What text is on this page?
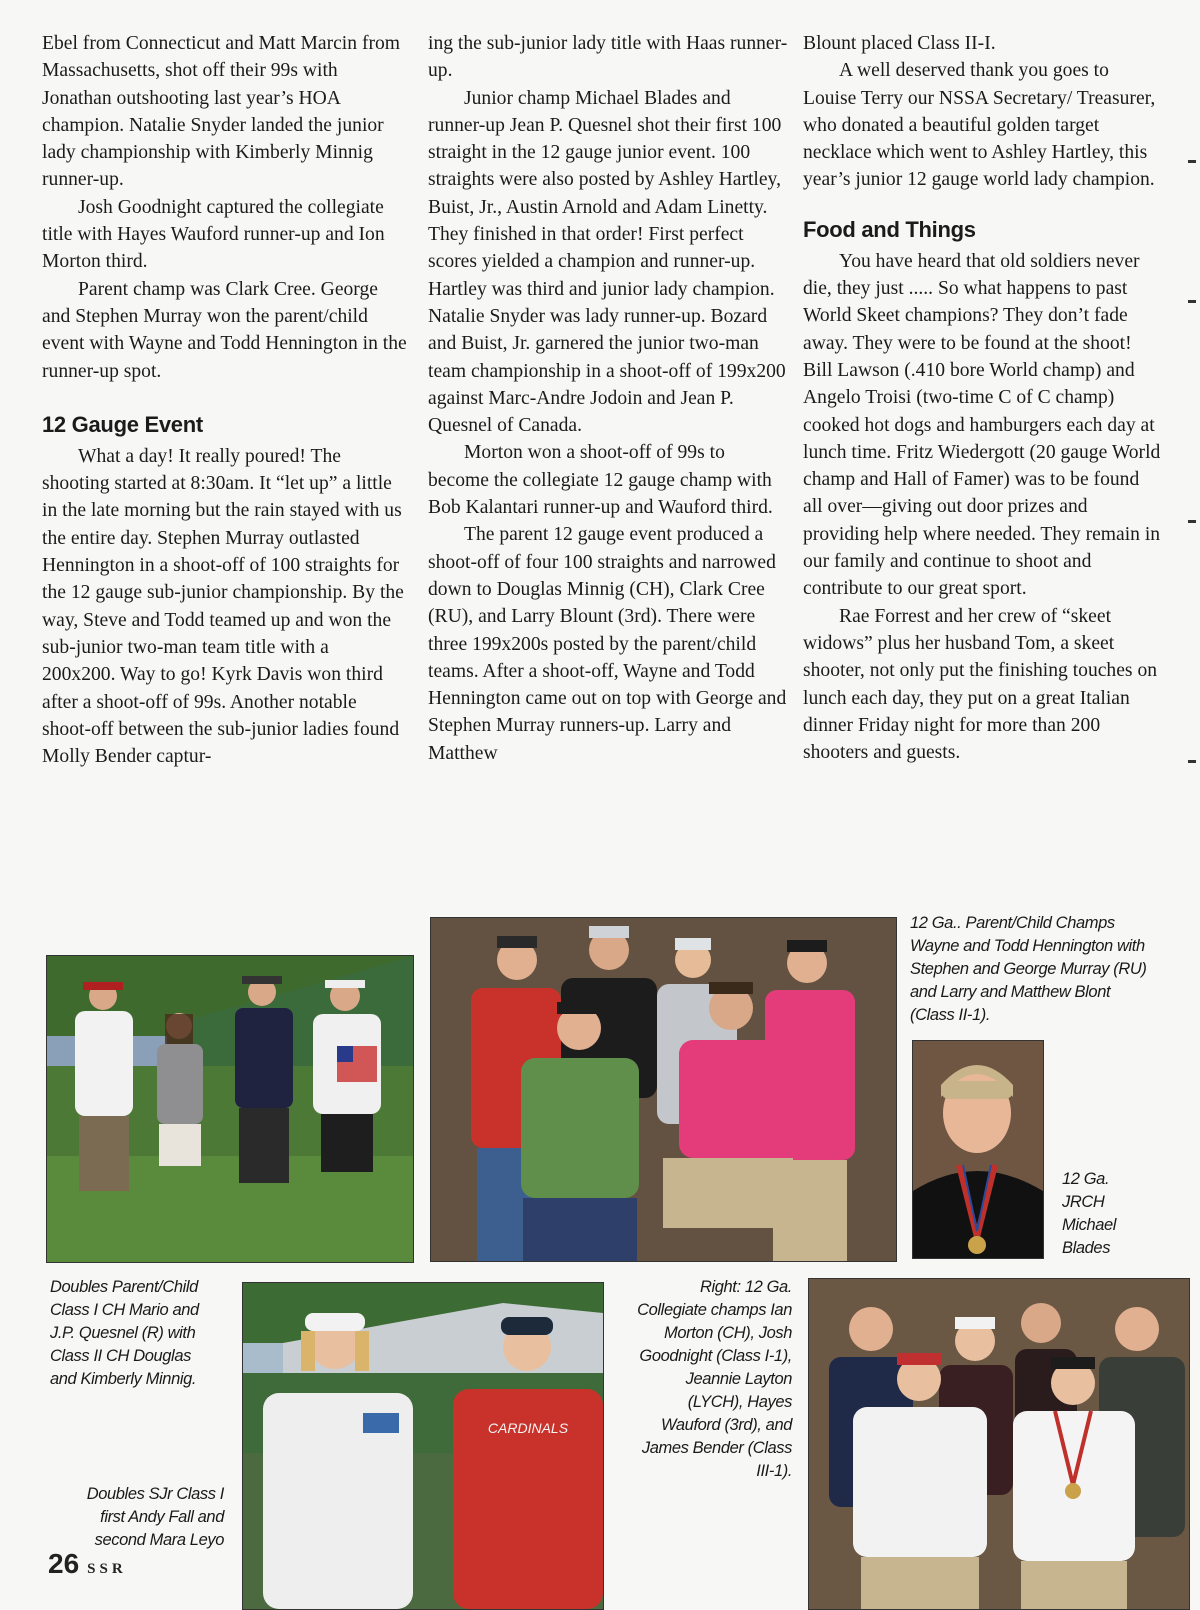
Ebel from Connecticut and Matt Marcin from Massachusetts, shot off their 99s with Jonathan outshooting last year’s HOA champion. Natalie Snyder landed the junior lady championship with Kimberly Minnig runner-up.

Josh Goodnight captured the collegiate title with Hayes Wauford runner-up and Ion Morton third.

Parent champ was Clark Cree. George and Stephen Murray won the parent/child event with Wayne and Todd Hennington in the runner-up spot.

12 Gauge Event

What a day! It really poured! The shooting started at 8:30am. It “let up” a little in the late morning but the rain stayed with us the entire day. Stephen Murray outlasted Hennington in a shoot-off of 100 straights for the 12 gauge sub-junior championship. By the way, Steve and Todd teamed up and won the sub-junior two-man team title with a 200x200. Way to go! Kyrk Davis won third after a shoot-off of 99s. Another notable shoot-off between the sub-junior ladies found Molly Bender captur-

ing the sub-junior lady title with Haas runner-up.

Junior champ Michael Blades and runner-up Jean P. Quesnel shot their first 100 straight in the 12 gauge junior event. 100 straights were also posted by Ashley Hartley, Buist, Jr., Austin Arnold and Adam Linetty. They finished in that order! First perfect scores yielded a champion and runner-up. Hartley was third and junior lady champion. Natalie Snyder was lady runner-up. Bozard and Buist, Jr. garnered the junior two-man team championship in a shoot-off of 199x200 against Marc-Andre Jodoin and Jean P. Quesnel of Canada.

Morton won a shoot-off of 99s to become the collegiate 12 gauge champ with Bob Kalantari runner-up and Wauford third.

The parent 12 gauge event produced a shoot-off of four 100 straights and narrowed down to Douglas Minnig (CH), Clark Cree (RU), and Larry Blount (3rd). There were three 199x200s posted by the parent/child teams. After a shoot-off, Wayne and Todd Hennington came out on top with George and Stephen Murray runners-up. Larry and Matthew

Blount placed Class II-I.

A well deserved thank you goes to Louise Terry our NSSA Secretary/ Treasurer, who donated a beautiful golden target necklace which went to Ashley Hartley, this year’s junior 12 gauge world lady champion.

Food and Things

You have heard that old soldiers never die, they just ..... So what happens to past World Skeet champions? They don’t fade away. They were to be found at the shoot! Bill Lawson (.410 bore World champ) and Angelo Troisi (two-time C of C champ) cooked hot dogs and hamburgers each day at lunch time. Fritz Wiedergott (20 gauge World champ and Hall of Famer) was to be found all over—giving out door prizes and providing help where needed. They remain in our family and continue to shoot and contribute to our great sport.

Rae Forrest and her crew of “skeet widows” plus her husband Tom, a skeet shooter, not only put the finishing touches on lunch each day, they put on a great Italian dinner Friday night for more than 200 shooters and guests.

CARDINALS
12 Ga.. Parent/Child Champs
Wayne and Todd Hennington with
Stephen and George Murray (RU)
and Larry and Matthew Blont
(Class II-1).
12 Ga.
JRCH
Michael
Blades
Doubles Parent/Child
Class I CH Mario and
J.P. Quesnel (R) with
Class II CH Douglas
and Kimberly Minnig.
Doubles SJr Class I
first Andy Fall and
second Mara Leyo
Right: 12 Ga.
Collegiate champs Ian
Morton (CH), Josh
Goodnight (Class I-1),
Jeannie Layton
(LYCH), Hayes
Wauford (3rd), and
James Bender (Class
III-1).
26 SSR
